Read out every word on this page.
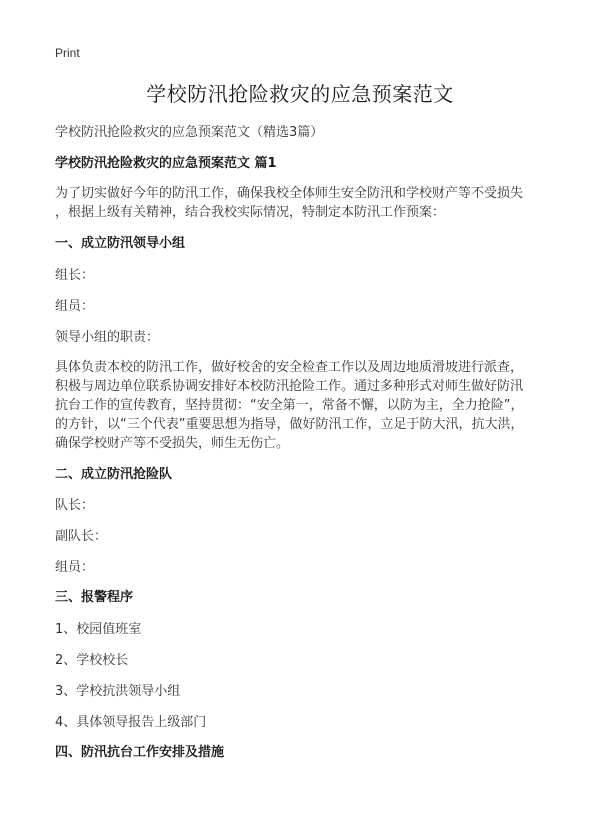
Print
学校防汛抢险救灾的应急预案范文
学校防汛抢险救灾的应急预案范文（精选3篇）
学校防汛抢险救灾的应急预案范文 篇1
为了切实做好今年的防汛工作，确保我校全体师生安全防汛和学校财产等不受损失
，根据上级有关精神，结合我校实际情况，特制定本防汛工作预案：
一、成立防汛领导小组
组长：
组员：
领导小组的职责：
具体负责本校的防汛工作，做好校舍的安全检查工作以及周边地质滑坡进行派查，
积极与周边单位联系协调安排好本校防汛抢险工作。通过多种形式对师生做好防汛
抗台工作的宣传教育，坚持贯彻：“安全第一，常备不懈，以防为主，全力抢险”，
的方针，以“三个代表”重要思想为指导，做好防汛工作，立足于防大汛，抗大洪，
确保学校财产等不受损失，师生无伤亡。
二、成立防汛抢险队
队长：
副队长：
组员：
三、报警程序
1、校园值班室
2、学校校长
3、学校抗洪领导小组
4、具体领导报告上级部门
四、防汛抗台工作安排及措施
